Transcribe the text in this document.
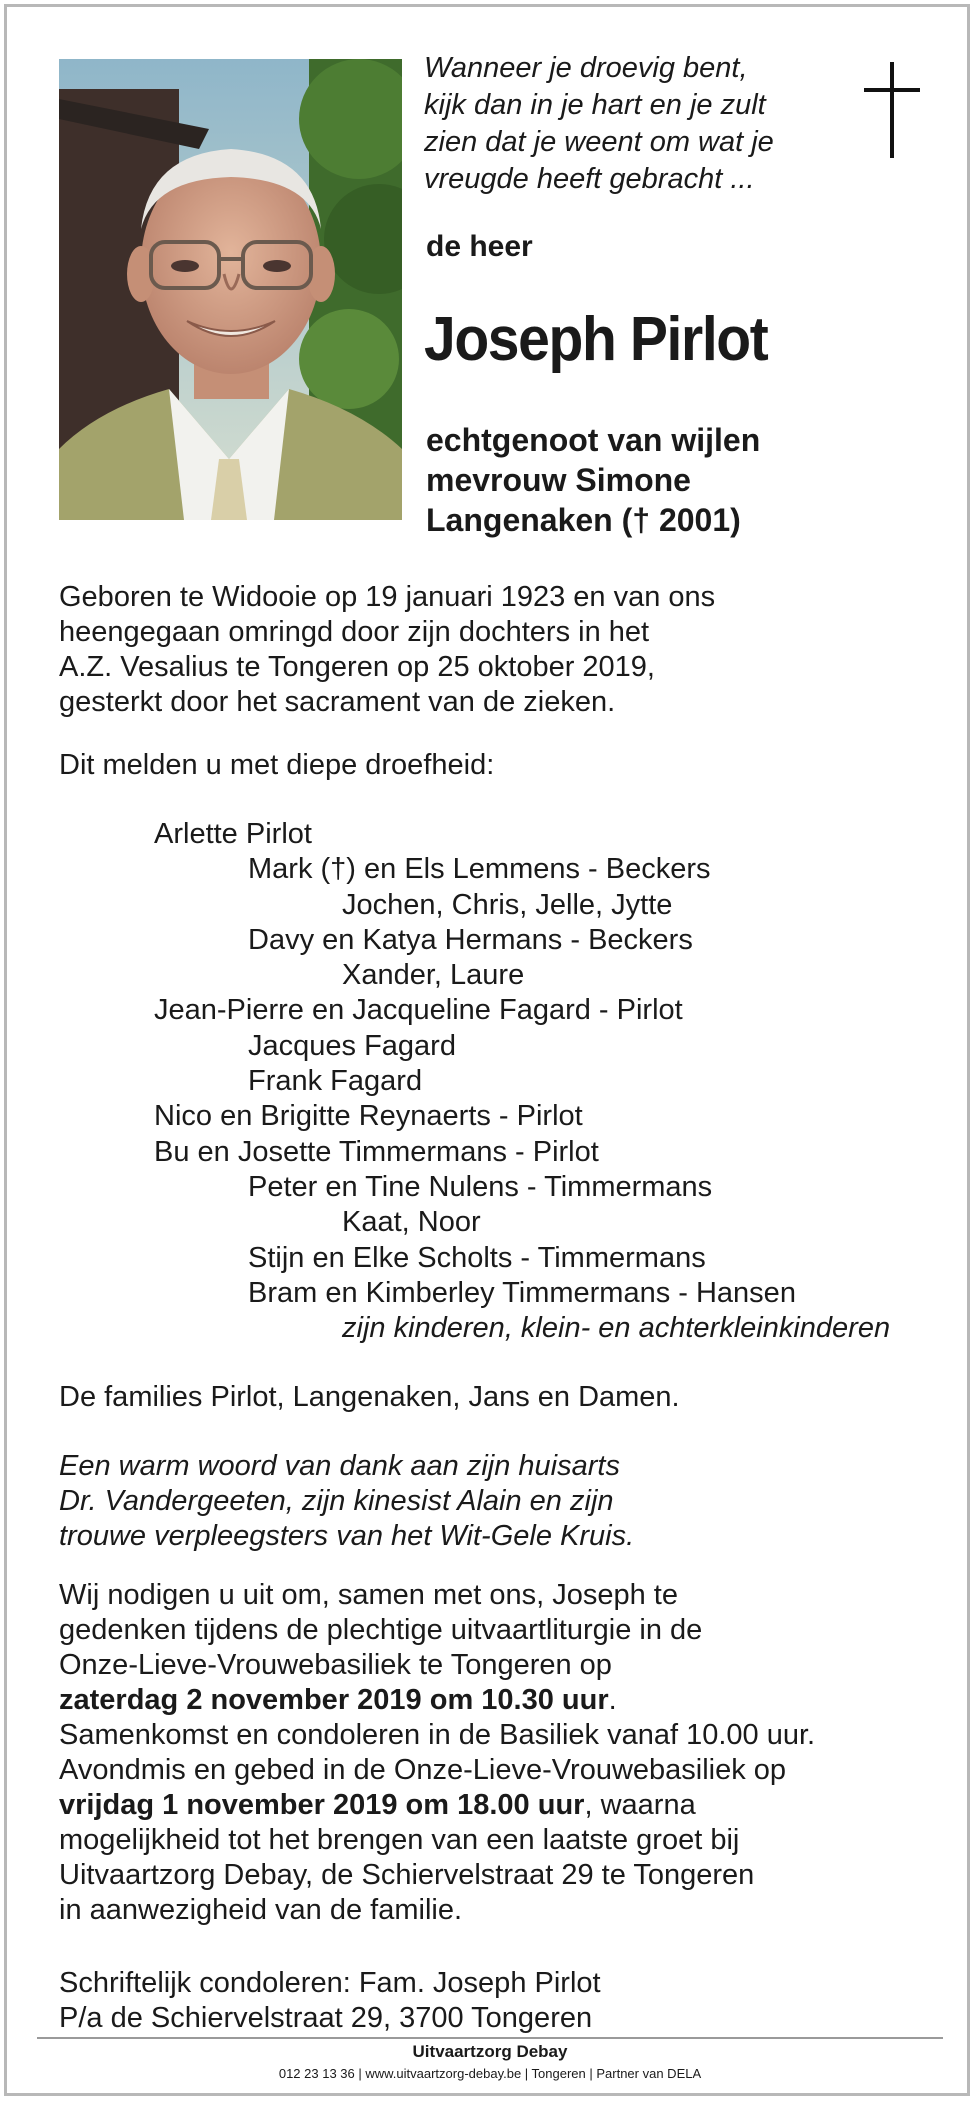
Wanneer je droevig bent,
kijk dan in je hart en je zult
zien dat je weent om wat je
vreugde heeft gebracht ...
de heer
Joseph Pirlot
echtgenoot van wijlen
mevrouw Simone
Langenaken († 2001)
Geboren te Widooie op 19 januari 1923 en van ons
heengegaan omringd door zijn dochters in het
A.Z. Vesalius te Tongeren op 25 oktober 2019,
gesterkt door het sacrament van de zieken.
Dit melden u met diepe droefheid:
Arlette Pirlot
Mark (†) en Els Lemmens - Beckers
Jochen, Chris, Jelle, Jytte
Davy en Katya Hermans - Beckers
Xander, Laure
Jean-Pierre en Jacqueline Fagard - Pirlot
Jacques Fagard
Frank Fagard
Nico en Brigitte Reynaerts - Pirlot
Bu en Josette Timmermans - Pirlot
Peter en Tine Nulens - Timmermans
Kaat, Noor
Stijn en Elke Scholts - Timmermans
Bram en Kimberley Timmermans - Hansen
zijn kinderen, klein- en achterkleinkinderen
De families Pirlot, Langenaken, Jans en Damen.
Een warm woord van dank aan zijn huisarts
Dr. Vandergeeten, zijn kinesist Alain en zijn
trouwe verpleegsters van het Wit-Gele Kruis.
Wij nodigen u uit om, samen met ons, Joseph te
gedenken tijdens de plechtige uitvaartliturgie in de
Onze-Lieve-Vrouwebasiliek te Tongeren op
zaterdag 2 november 2019 om 10.30 uur.
Samenkomst en condoleren in de Basiliek vanaf 10.00 uur.
Avondmis en gebed in de Onze-Lieve-Vrouwebasiliek op
vrijdag 1 november 2019 om 18.00 uur, waarna
mogelijkheid tot het brengen van een laatste groet bij
Uitvaartzorg Debay, de Schiervelstraat 29 te Tongeren
in aanwezigheid van de familie.
Schriftelijk condoleren: Fam. Joseph Pirlot
P/a de Schiervelstraat 29, 3700 Tongeren
Uitvaartzorg Debay
012 23 13 36 | www.uitvaartzorg-debay.be | Tongeren | Partner van DELA
